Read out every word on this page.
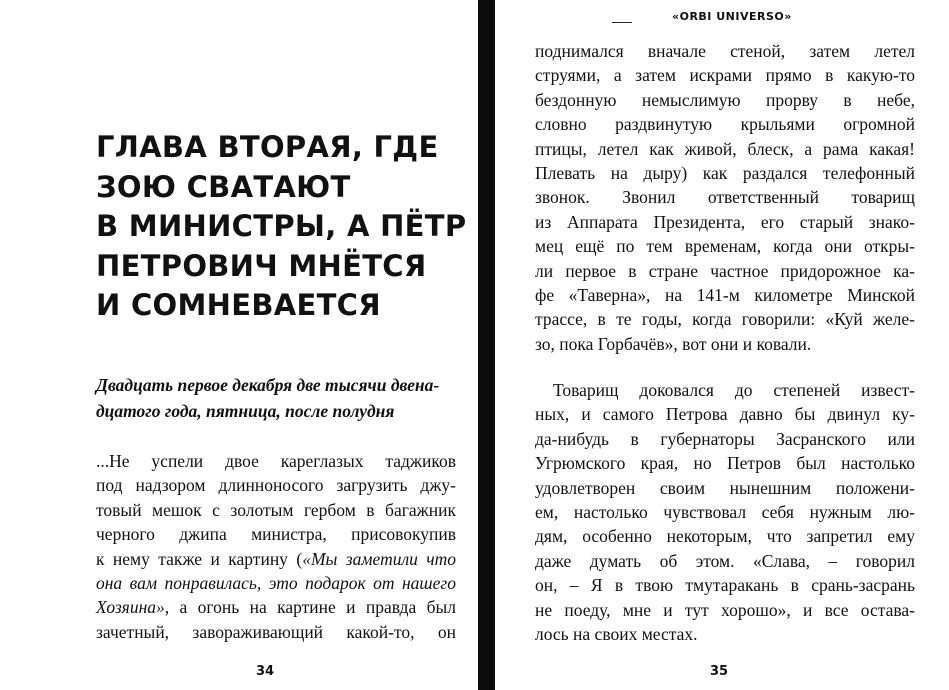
ГЛАВА ВТОРАЯ, ГДЕ
ЗОЮ СВАТАЮТ
В МИНИСТРЫ, А ПЁТР
ПЕТРОВИЧ МНЁТСЯ
И СОМНЕВАЕТСЯ
Двадцать первое декабря две тысячи двена-
дцатого года, пятница, после полудня
...Не успели двое кареглазых таджиков
под надзором длинноносого загрузить джу-
товый мешок с золотым гербом в багажник
черного джипа министра, присовокупив
к нему также и картину («Мы заметили что
она вам понравилась, это подарок от нашего
Хозяина», а огонь на картине и правда был
зачетный, завораживающий какой-то, он
34
«ORBI UNIVERSO»
поднимался вначале стеной, затем летел
струями, а затем искрами прямо в какую-то
бездонную немыслимую прорву в небе,
словно раздвинутую крыльями огромной
птицы, летел как живой, блеск, а рама какая!
Плевать на дыру) как раздался телефонный
звонок. Звонил ответственный товарищ
из Аппарата Президента, его старый знако-
мец ещё по тем временам, когда они откры-
ли первое в стране частное придорожное ка-
фе «Таверна», на 141-м километре Минской
трассе, в те годы, когда говорили: «Куй желе-
зо, пока Горбачёв», вот они и ковали.
Товарищ доковался до степеней извест-
ных, и самого Петрова давно бы двинул ку-
да-нибудь в губернаторы Засранского или
Угрюмского края, но Петров был настолько
удовлетворен своим нынешним положени-
ем, настолько чувствовал себя нужным лю-
дям, особенно некоторым, что запретил ему
даже думать об этом. «Слава, – говорил
он, – Я в твою тмутаракань в срань-засрань
не поеду, мне и тут хорошо», и все остава-
лось на своих местах.
35
